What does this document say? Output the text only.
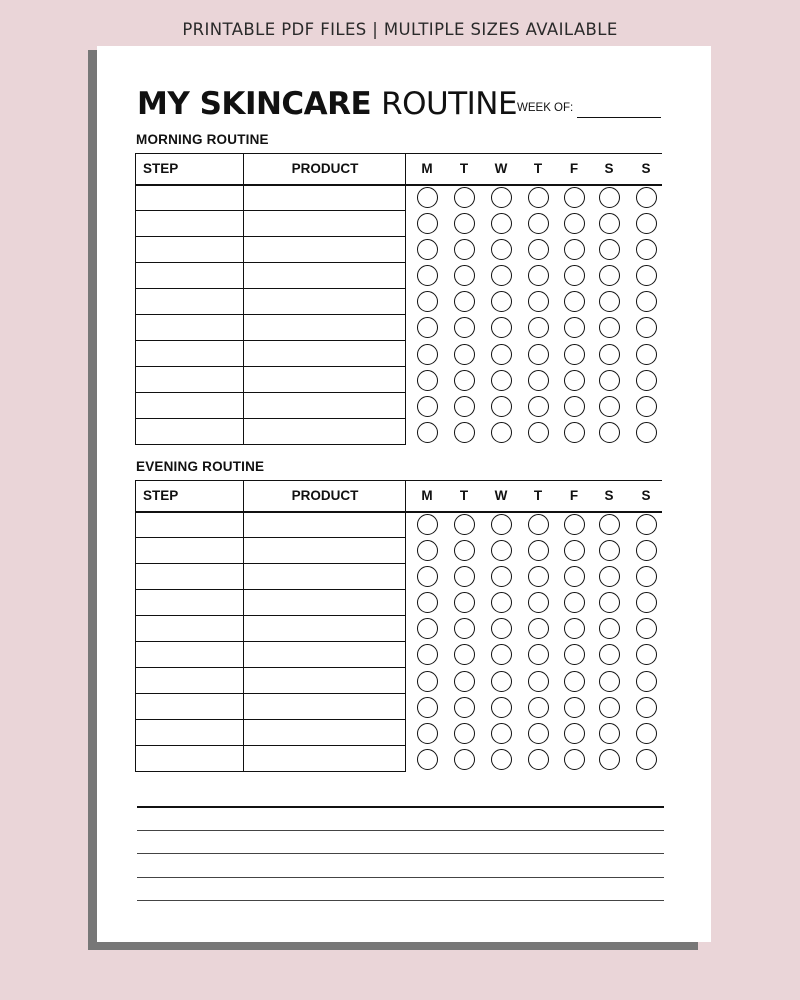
PRINTABLE PDF FILES | MULTIPLE SIZES AVAILABLE
MY SKINCARE ROUTINE WEEK OF:
MORNING ROUTINE
STEP	PRODUCT	M	T	W	T	F	S	S
EVENING ROUTINE
STEP	PRODUCT	M	T	W	T	F	S	S
